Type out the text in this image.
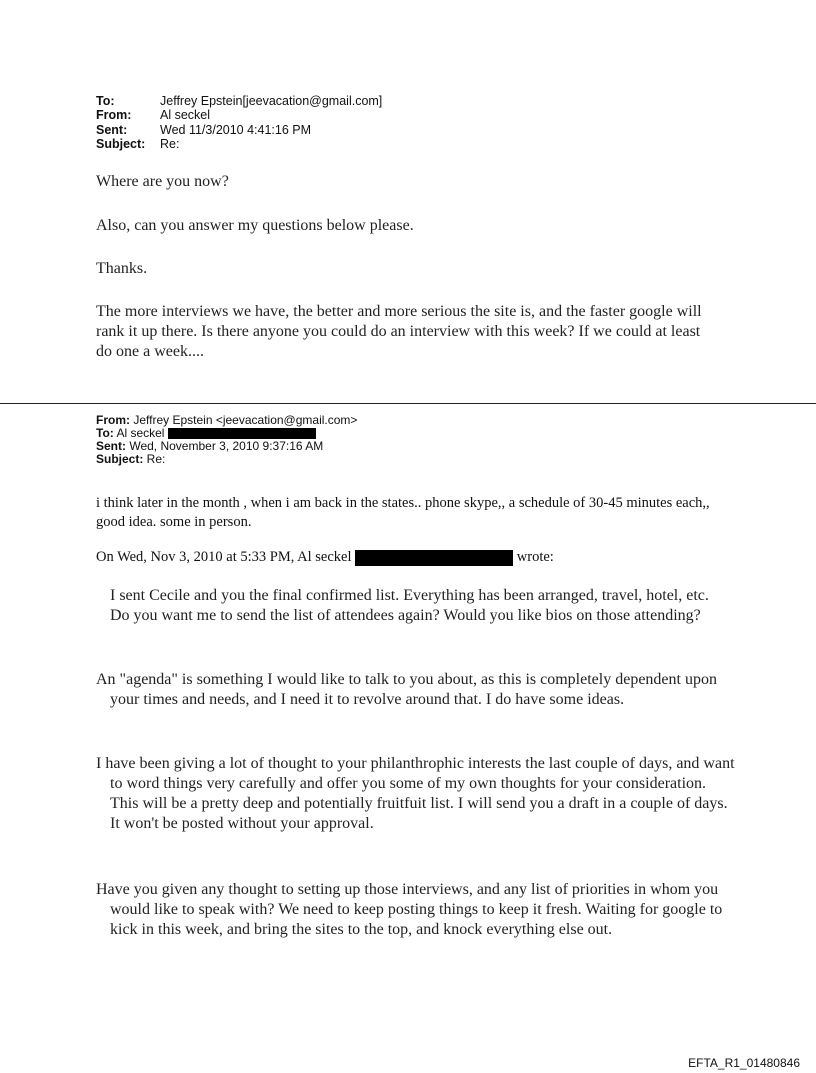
To:	Jeffrey Epstein[jeevacation@gmail.com]
From:	Al seckel
Sent:	Wed 11/3/2010 4:41:16 PM
Subject:	Re:

Where are you now?

Also, can you answer my questions below please.

Thanks.

The more interviews we have, the better and more serious the site is, and the faster google will rank it up there. Is there anyone you could do an interview with this week? If we could at least do one a week....

From: Jeffrey Epstein <jeevacation@gmail.com>
To: Al seckel
Sent: Wed, November 3, 2010 9:37:16 AM
Subject: Re:

i think later in the month , when i am back in the states.. phone skype,, a schedule of 30-45 minutes each,, good idea. some in person.

On Wed, Nov 3, 2010 at 5:33 PM, Al seckel	wrote:

I sent Cecile and you the final confirmed list. Everything has been arranged, travel, hotel, etc. Do you want me to send the list of attendees again? Would you like bios on those attending?

An "agenda" is something I would like to talk to you about, as this is completely dependent upon your times and needs, and I need it to revolve around that. I do have some ideas.

I have been giving a lot of thought to your philanthrophic interests the last couple of days, and want to word things very carefully and offer you some of my own thoughts for your consideration. This will be a pretty deep and potentially fruitfuit list. I will send you a draft in a couple of days. It won't be posted without your approval.

Have you given any thought to setting up those interviews, and any list of priorities in whom you would like to speak with? We need to keep posting things to keep it fresh. Waiting for google to kick in this week, and bring the sites to the top, and knock everything else out.

EFTA_R1_01480846
